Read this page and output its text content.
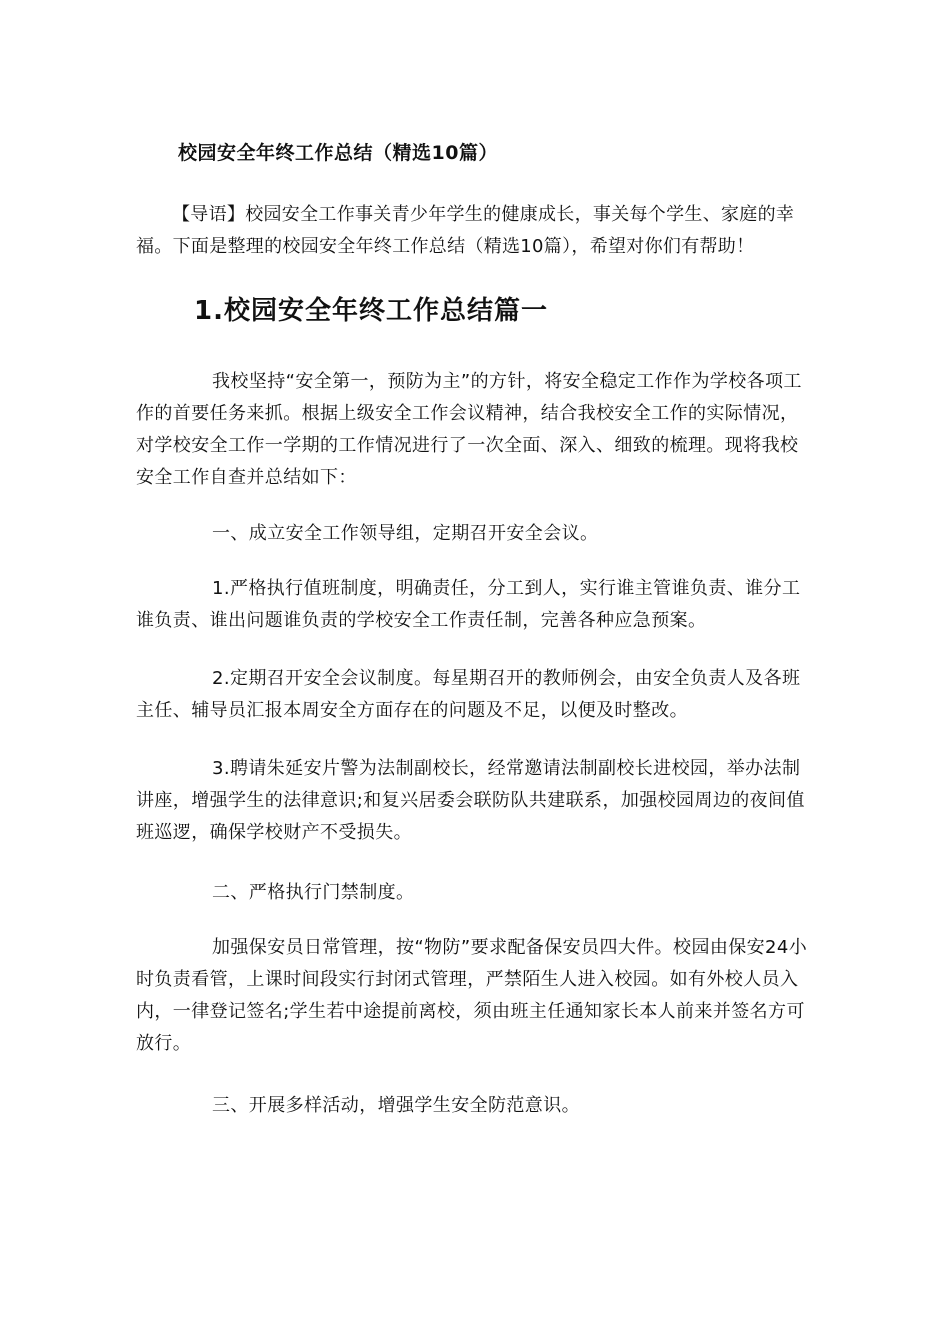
校园安全年终工作总结（精选10篇）
【导语】校园安全工作事关青少年学生的健康成长，事关每个学生、家庭的幸福。下面是整理的校园安全年终工作总结（精选10篇），希望对你们有帮助！
1.校园安全年终工作总结篇一
我校坚持“安全第一，预防为主”的方针，将安全稳定工作作为学校各项工作的首要任务来抓。根据上级安全工作会议精神，结合我校安全工作的实际情况，对学校安全工作一学期的工作情况进行了一次全面、深入、细致的梳理。现将我校安全工作自查并总结如下：
一、成立安全工作领导组，定期召开安全会议。
1.严格执行值班制度，明确责任，分工到人，实行谁主管谁负责、谁分工谁负责、谁出问题谁负责的学校安全工作责任制，完善各种应急预案。
2.定期召开安全会议制度。每星期召开的教师例会，由安全负责人及各班主任、辅导员汇报本周安全方面存在的问题及不足，以便及时整改。
3.聘请朱延安片警为法制副校长，经常邀请法制副校长进校园，举办法制讲座，增强学生的法律意识;和复兴居委会联防队共建联系，加强校园周边的夜间值班巡逻，确保学校财产不受损失。
二、严格执行门禁制度。
加强保安员日常管理，按“物防”要求配备保安员四大件。校园由保安24小时负责看管，上课时间段实行封闭式管理，严禁陌生人进入校园。如有外校人员入内，一律登记签名;学生若中途提前离校，须由班主任通知家长本人前来并签名方可放行。
三、开展多样活动，增强学生安全防范意识。
